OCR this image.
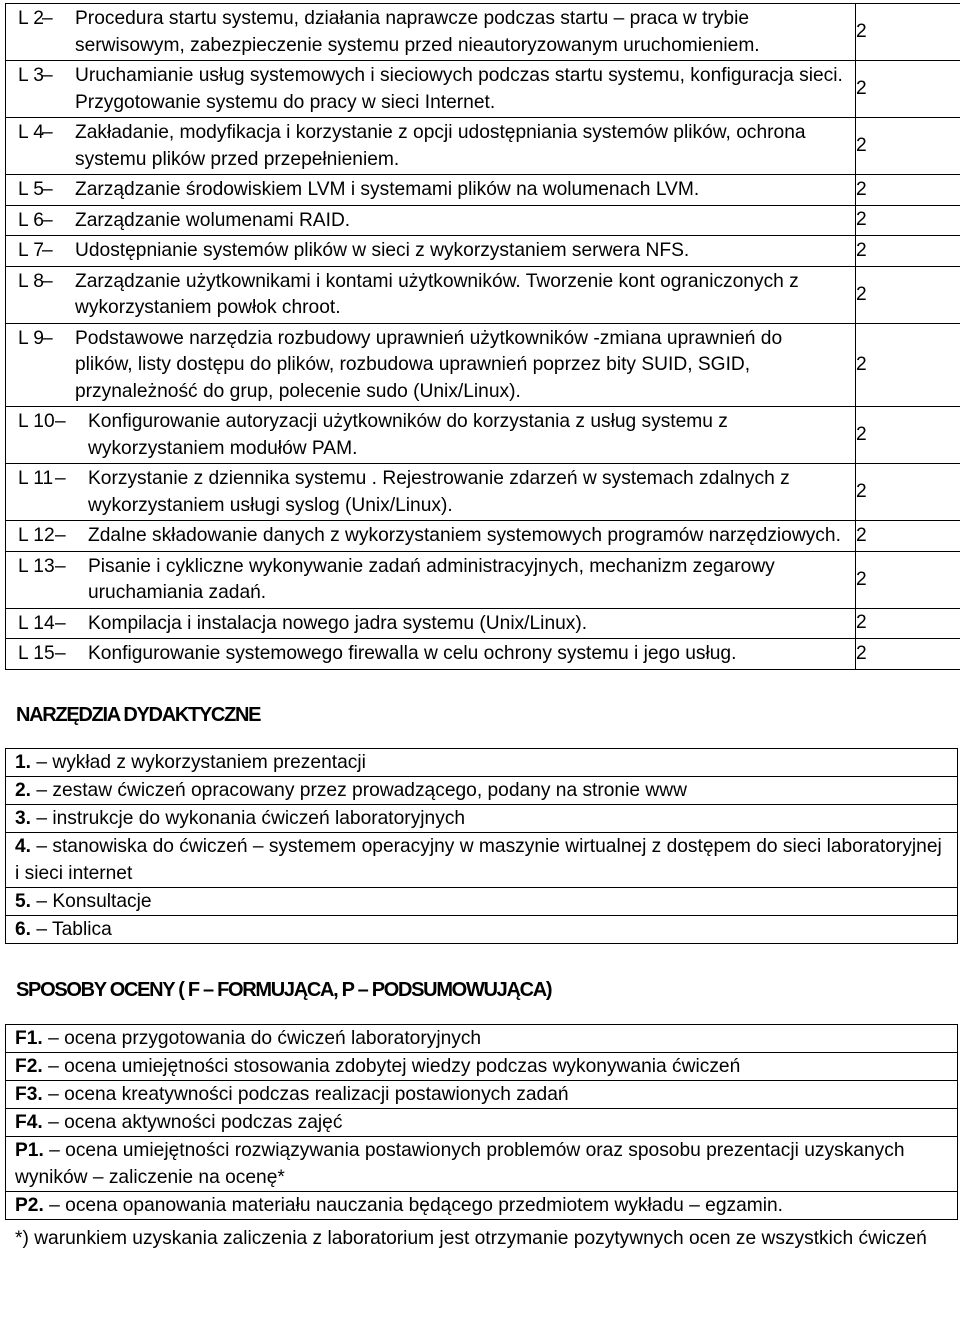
L 2
– Procedura startu systemu, działania naprawcze podczas startu – praca w trybie serwisowym, zabezpieczenie systemu przed nieautoryzowanym uruchomieniem.	2

L 3
– Uruchamianie usług systemowych i sieciowych podczas startu systemu, konfiguracja sieci. Przygotowanie systemu do pracy w sieci Internet.	2

L 4
– Zakładanie, modyfikacja i korzystanie z opcji udostępniania systemów plików, ochrona systemu plików przed przepełnieniem.	2

L 5
– Zarządzanie środowiskiem LVM i systemami plików na wolumenach LVM.	2

L 6
– Zarządzanie wolumenami RAID.	2

L 7
– Udostępnianie systemów plików w sieci z wykorzystaniem serwera NFS.	2

L 8
– Zarządzanie użytkownikami i kontami użytkowników. Tworzenie kont ograniczonych z wykorzystaniem powłok chroot.	2

L 9
– Podstawowe narzędzia rozbudowy uprawnień użytkowników -zmiana uprawnień do plików, listy dostępu do plików, rozbudowa uprawnień poprzez bity SUID, SGID, przynależność do grup, polecenie sudo (Unix/Linux).	2

L 10 – Konfigurowanie autoryzacji użytkowników do korzystania z usług systemu z wykorzystaniem modułów PAM.	2

L 11 – Korzystanie z dziennika systemu . Rejestrowanie zdarzeń w systemach zdalnych z wykorzystaniem usługi syslog (Unix/Linux).	2

L 12 – Zdalne składowanie danych z wykorzystaniem systemowych programów narzędziowych.	2

L 13 – Pisanie i cykliczne wykonywanie zadań administracyjnych, mechanizm zegarowy uruchamiania zadań.	2

L 14 – Kompilacja i instalacja nowego jadra systemu (Unix/Linux).	2

L 15 – Konfigurowanie systemowego firewalla w celu ochrony systemu i jego usług.	2
NARZĘDZIA DYDAKTYCZNE
1. – wykład z wykorzystaniem prezentacji
2. – zestaw ćwiczeń opracowany przez prowadzącego, podany na stronie www
3. – instrukcje do wykonania ćwiczeń laboratoryjnych
4. – stanowiska do ćwiczeń – systemem operacyjny w maszynie wirtualnej z dostępem do sieci laboratoryjnej i sieci internet
5. – Konsultacje
6. – Tablica
SPOSOBY OCENY ( F – FORMUJĄCA, P – PODSUMOWUJĄCA)
F1. – ocena przygotowania do ćwiczeń laboratoryjnych
F2. – ocena umiejętności stosowania zdobytej wiedzy podczas wykonywania ćwiczeń
F3. – ocena kreatywności podczas realizacji postawionych zadań
F4. – ocena aktywności podczas zajęć
P1. – ocena umiejętności rozwiązywania postawionych problemów oraz sposobu prezentacji uzyskanych wyników – zaliczenie na ocenę*
P2. – ocena opanowania materiału nauczania będącego przedmiotem wykładu – egzamin.

*) warunkiem uzyskania zaliczenia z laboratorium jest otrzymanie pozytywnych ocen ze wszystkich ćwiczeń
